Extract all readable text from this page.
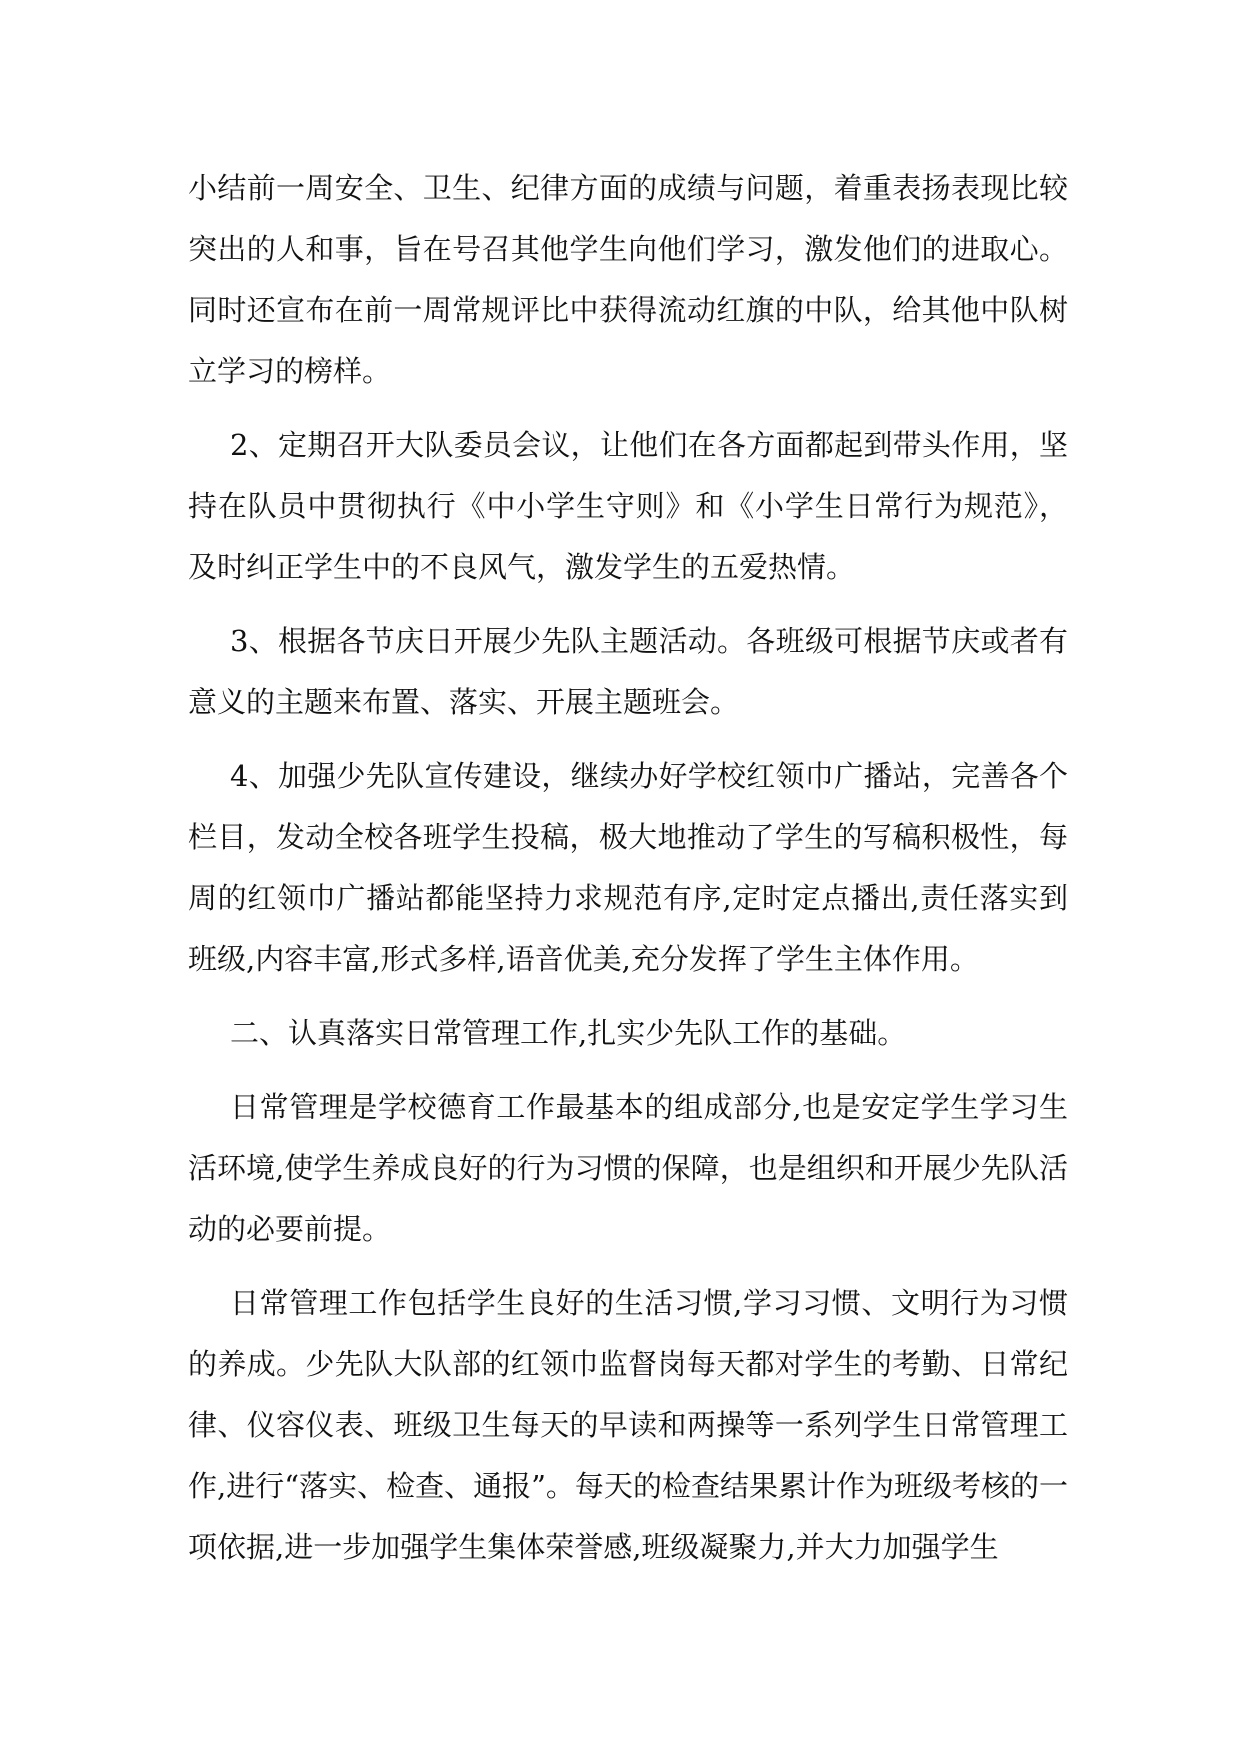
小结前一周安全、卫生、纪律方面的成绩与问题，着重表扬表现比较突出的人和事，旨在号召其他学生向他们学习，激发他们的进取心。同时还宣布在前一周常规评比中获得流动红旗的中队，给其他中队树立学习的榜样。

2、定期召开大队委员会议，让他们在各方面都起到带头作用，坚持在队员中贯彻执行《中小学生守则》和《小学生日常行为规范》，及时纠正学生中的不良风气，激发学生的五爱热情。

3、根据各节庆日开展少先队主题活动。各班级可根据节庆或者有意义的主题来布置、落实、开展主题班会。

4、加强少先队宣传建设，继续办好学校红领巾广播站，完善各个栏目，发动全校各班学生投稿，极大地推动了学生的写稿积极性，每周的红领巾广播站都能坚持力求规范有序,定时定点播出,责任落实到班级,内容丰富,形式多样,语音优美,充分发挥了学生主体作用。

二、认真落实日常管理工作,扎实少先队工作的基础。

日常管理是学校德育工作最基本的组成部分,也是安定学生学习生活环境,使学生养成良好的行为习惯的保障，也是组织和开展少先队活动的必要前提。

日常管理工作包括学生良好的生活习惯,学习习惯、文明行为习惯的养成。少先队大队部的红领巾监督岗每天都对学生的考勤、日常纪律、仪容仪表、班级卫生每天的早读和两操等一系列学生日常管理工作,进行“落实、检查、通报”。每天的检查结果累计作为班级考核的一项依据,进一步加强学生集体荣誉感,班级凝聚力,并大力加强学生
